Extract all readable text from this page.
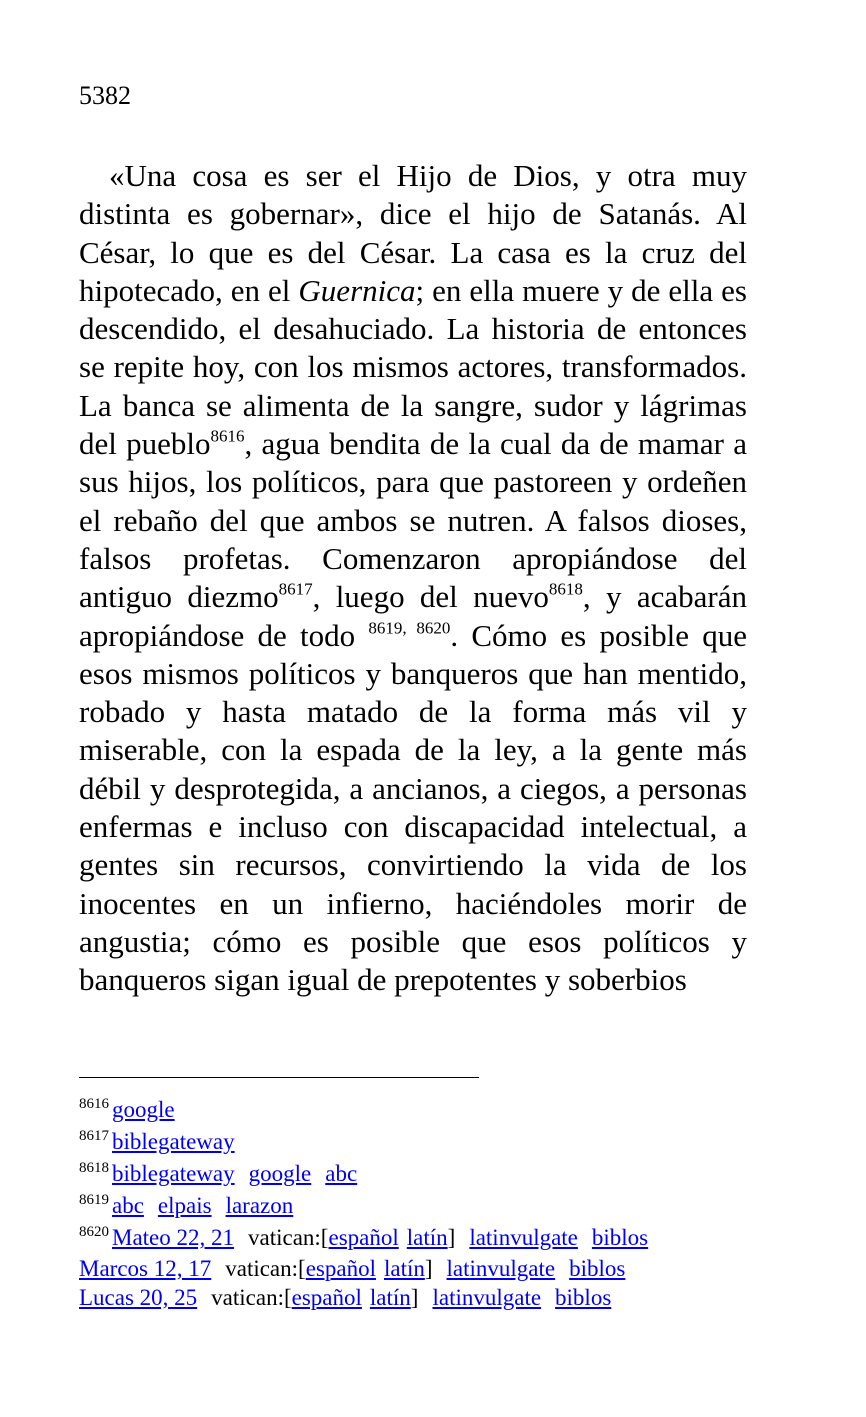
5382

«Una cosa es ser el Hijo de Dios, y otra muy distinta es gobernar», dice el hijo de Satanás. Al César, lo que es del César. La casa es la cruz del hipotecado, en el Guernica; en ella muere y de ella es descendido, el desahuciado. La historia de entonces se repite hoy, con los mismos actores, transformados. La banca se alimenta de la sangre, sudor y lágrimas del pueblo$^{8616}$, agua bendita de la cual da de mamar a sus hijos, los políticos, para que pastoreen y ordeñen el rebaño del que ambos se nutren. A falsos dioses, falsos profetas. Comenzaron apropiándose del antiguo diezmo$^{8617}$, luego del nuevo$^{8618}$, y acabarán apropiándose de todo $^{8619, 8620}$. Cómo es posible que esos mismos políticos y banqueros que han mentido, robado y hasta matado de la forma más vil y miserable, con la espada de la ley, a la gente más débil y desprotegida, a ancianos, a ciegos, a personas enfermas e incluso con discapacidad intelectual, a gentes sin recursos, convirtiendo la vida de los inocentes en un infierno, haciéndoles morir de angustia; cómo es posible que esos políticos y banqueros sigan igual de prepotentes y soberbios

$^{8616}$ google
$^{8617}$ biblegateway
$^{8618}$ biblegateway google abc
$^{8619}$ abc elpais larazon
$^{8620}$ Mateo 22, 21 vatican:[español latín] latinvulgate biblos
Marcos 12, 17 vatican:[español latín] latinvulgate biblos
Lucas 20, 25 vatican:[español latín] latinvulgate biblos
